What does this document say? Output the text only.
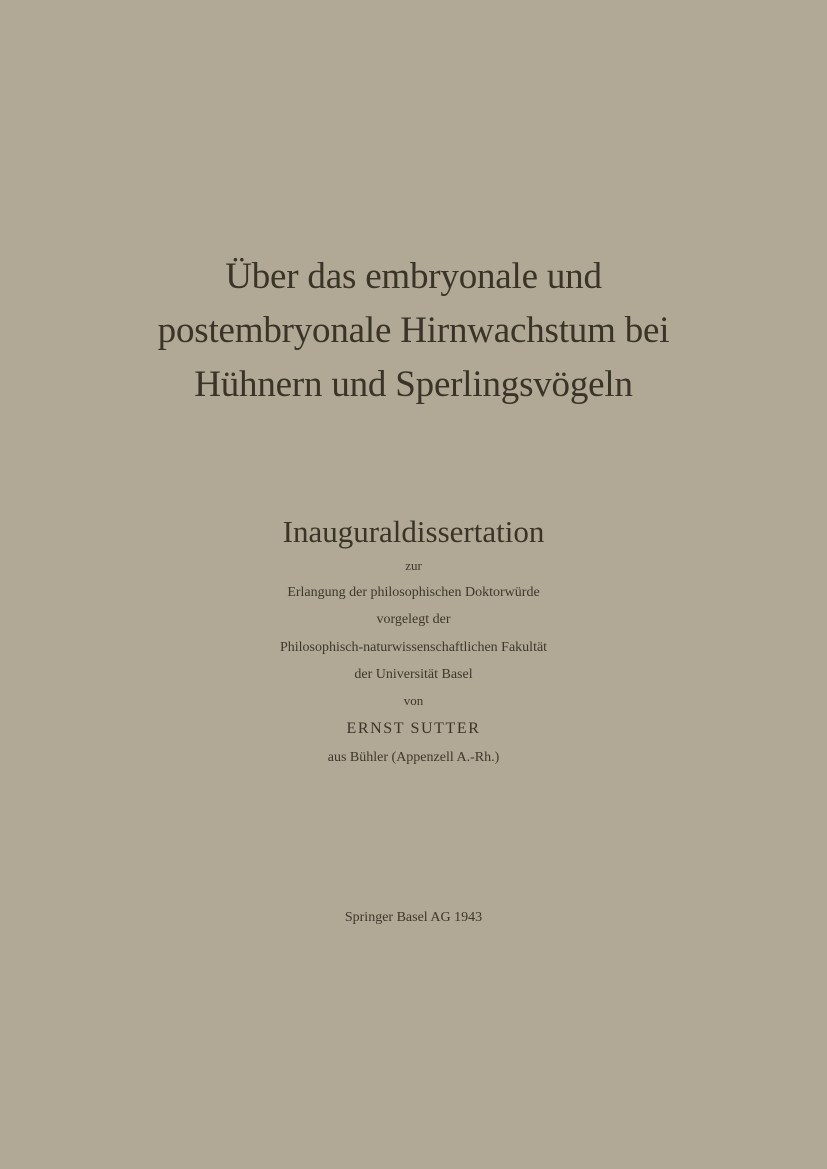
Über das embryonale und
postembryonale Hirnwachstum bei
Hühnern und Sperlingsvögeln
Inauguraldissertation
zur
Erlangung der philosophischen Doktorwürde
vorgelegt der
Philosophisch-naturwissenschaftlichen Fakultät
der Universität Basel
von
ERNST SUTTER
aus Bühler (Appenzell A.-Rh.)
Springer Basel AG 1943
